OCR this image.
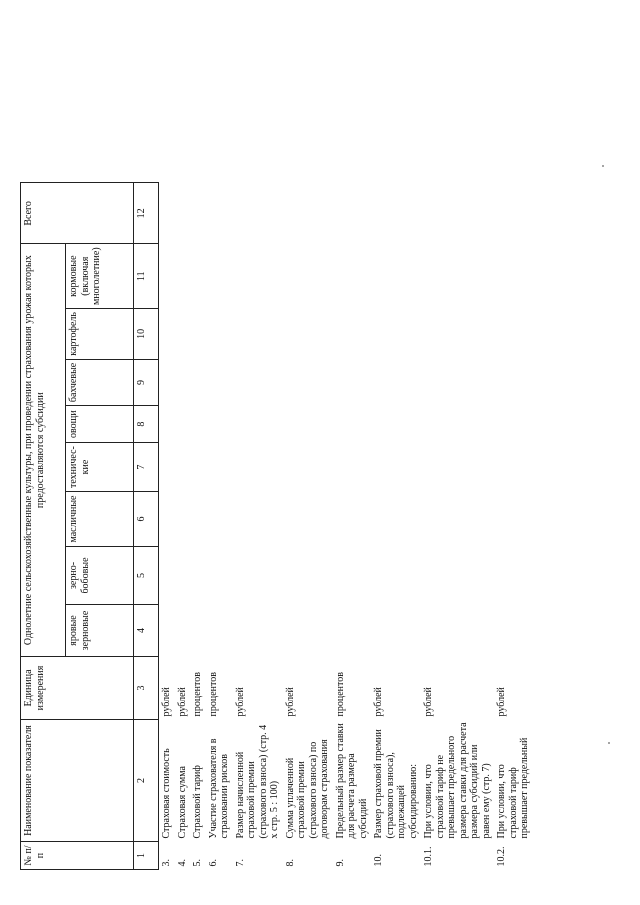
№ п/п	Наименование показателя	Единица измерения	Однолетние сельскохозяйственные культуры, при проведении страхования урожая которых предоставляются субсидии								Всего
			яровые зерновые	зерно-бобовые	масличные	техничес-кие	овощи	бахчевые	картофель	кормовые (включая многолетние)	
1	2	3	4	5	6	7	8	9	10	11	12
3.	Страховая стоимость	рублей									
4.	Страховая сумма	рублей									
5.	Страховой тариф	процентов									
6.	Участие страхователя в страховании рисков	процентов									
7.	Размер начисленной страховой премии (страхового взноса) (стр. 4 х стр. 5 : 100)	рублей									
8.	Сумма уплаченной страховой премии (страхового взноса) по договорам страхования	рублей									
9.	Предельный размер ставки для расчета размера субсидий	процентов									
10.	Размер страховой премии (страхового взноса), подлежащей субсидированию:	рублей									
10.1.	При условии, что страховой тариф не превышает предельного размера ставки для расчета размера субсидий или равен ему (стр. 7)	рублей									
10.2.	При условии, что страховой тариф превышает предельный	рублей									
